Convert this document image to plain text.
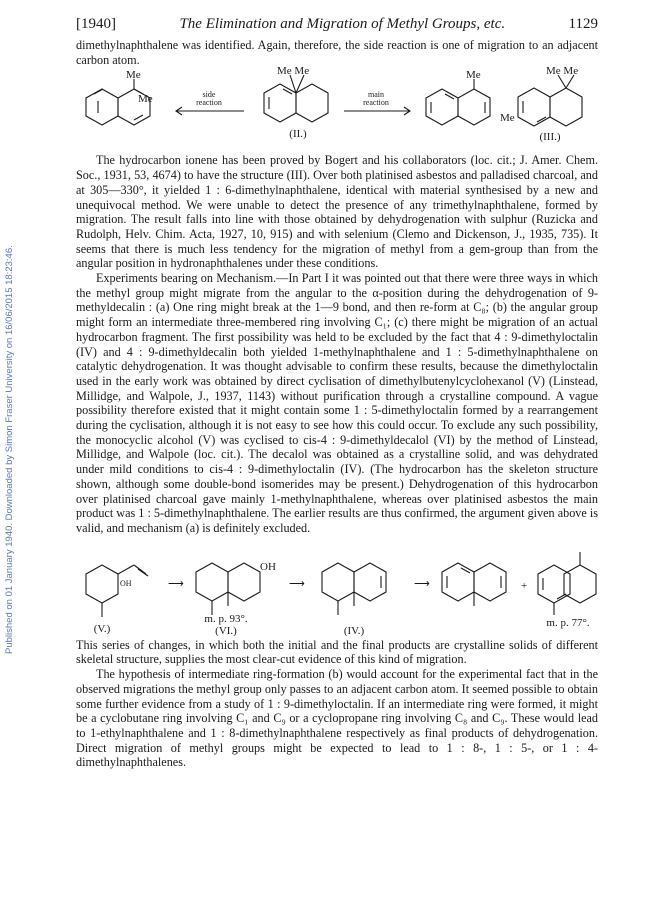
Published on 01 January 1940. Downloaded by Simon Fraser University on 16/06/2015 18:23:46.
[1940]	The Elimination and Migration of Methyl Groups, etc.	1129

dimethylnaphthalene was identified. Again, therefore, the side reaction is one of migration to an adjacent carbon atom.

Me
Me	side
reaction
Me Me
(II.)
main
reaction
Me	Me Me
Me
(III.)

The hydrocarbon ionene has been proved by Bogert and his collaborators (loc. cit.; J. Amer. Chem. Soc., 1931, 53, 4674) to have the structure (III). Over both platinised asbestos and palladised charcoal, and at 305—330°, it yielded 1 : 6-dimethylnaphthalene, identical with material synthesised by a new and unequivocal method. We were unable to detect the presence of any trimethylnaphthalene, formed by migration. The result falls into line with those obtained by dehydrogenation with sulphur (Ruzicka and Rudolph, Helv. Chim. Acta, 1927, 10, 915) and with selenium (Clemo and Dickenson, J., 1935, 735). It seems that there is much less tendency for the migration of methyl from a gem-group than from the angular position in hydronaphthalenes under these conditions.

Experiments bearing on Mechanism.—In Part I it was pointed out that there were three ways in which the methyl group might migrate from the angular to the α-position during the dehydrogenation of 9-methyldecalin : (a) One ring might break at the 1—9 bond, and then re-form at C₈; (b) the angular group might form an intermediate three-membered ring involving C₁; (c) there might be migration of an actual hydrocarbon fragment. The first possibility was held to be excluded by the fact that 4 : 9-dimethyloctalin (IV) and 4 : 9-dimethyldecalin both yielded 1-methylnaphthalene and 1 : 5-dimethylnaphthalene on catalytic dehydrogenation. It was thought advisable to confirm these results, because the dimethyloctalin used in the early work was obtained by direct cyclisation of dimethylbutenylcyclohexanol (V) (Linstead, Millidge, and Walpole, J., 1937, 1143) without purification through a crystalline compound. A vague possibility therefore existed that it might contain some 1 : 5-dimethyloctalin formed by a rearrangement during the cyclisation, although it is not easy to see how this could occur. To exclude any such possibility, the monocyclic alcohol (V) was cyclised to cis-4 : 9-dimethyldecalol (VI) by the method of Linstead, Millidge, and Walpole (loc. cit.). The decalol was obtained as a crystalline solid, and was dehydrated under mild conditions to cis-4 : 9-dimethyloctalin (IV). (The hydrocarbon has the skeleton structure shown, although some double-bond isomerides may be present.) Dehydrogenation of this hydrocarbon over platinised charcoal gave mainly 1-methylnaphthalene, whereas over platinised asbestos the main product was 1 : 5-dimethylnaphthalene. The earlier results are thus confirmed, the argument given above is valid, and mechanism (a) is definitely excluded.

OH
(V.)
⟶
OH
m. p. 93°.
(VI.)
⟶
(IV.)
⟶	+
m. p. 77°.

This series of changes, in which both the initial and the final products are crystalline solids of different skeletal structure, supplies the most clear-cut evidence of this kind of migration.

The hypothesis of intermediate ring-formation (b) would account for the experimental fact that in the observed migrations the methyl group only passes to an adjacent carbon atom. It seemed possible to obtain some further evidence from a study of 1 : 9-dimethyloctalin. If an intermediate ring were formed, it might be a cyclobutane ring involving C₁ and C₉ or a cyclopropane ring involving C₈ and C₉. These would lead to 1-ethylnaphthalene and 1 : 8-dimethylnaphthalene respectively as final products of dehydrogenation. Direct migration of methyl groups might be expected to lead to 1 : 8-, 1 : 5-, or 1 : 4-dimethylnaphthalenes.
